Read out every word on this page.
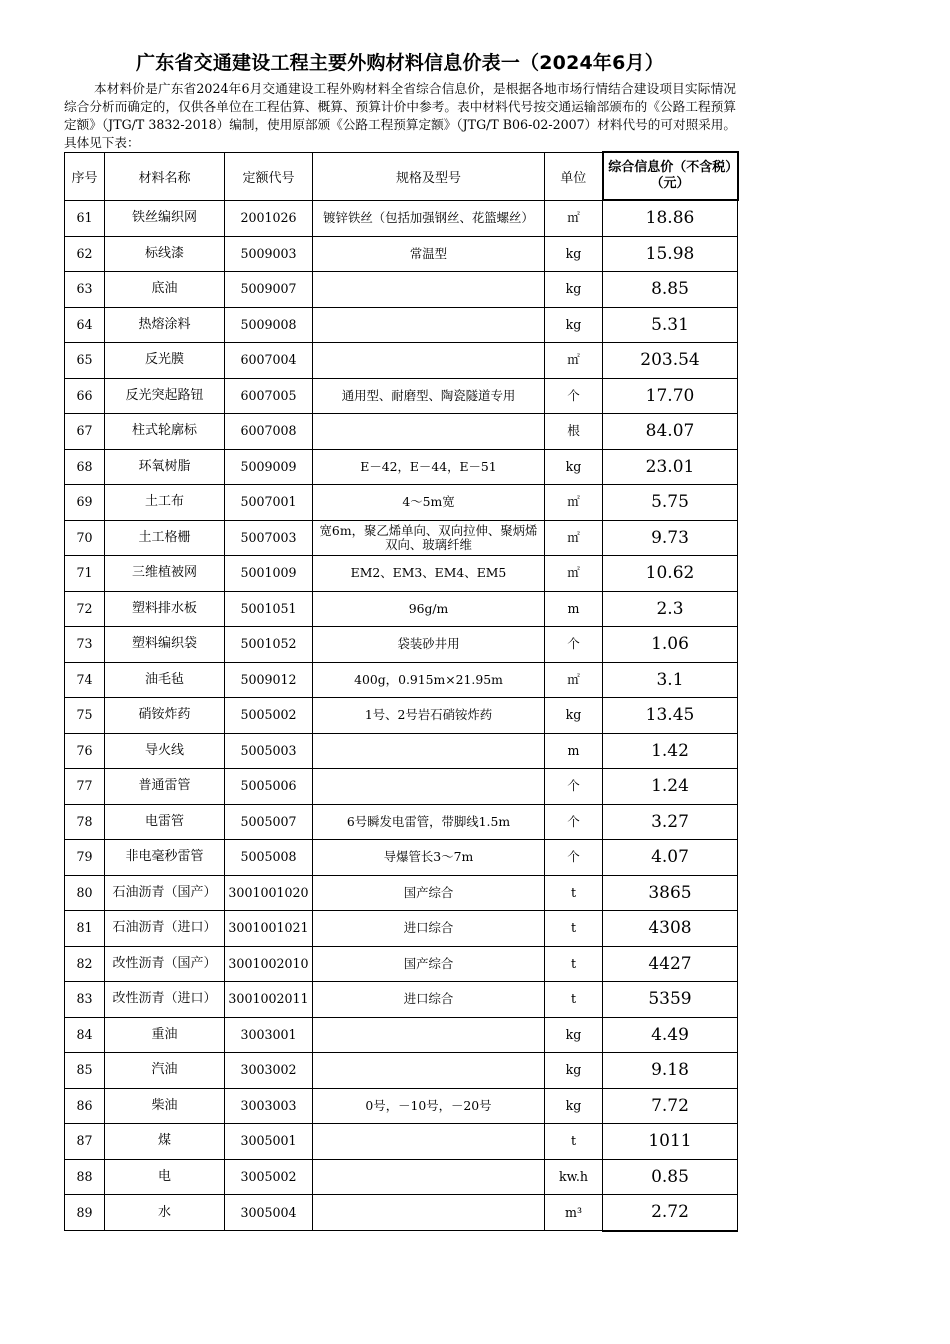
广东省交通建设工程主要外购材料信息价表一（2024年6月）
本材料价是广东省2024年6月交通建设工程外购材料全省综合信息价，是根据各地市场行情结合建设项目实际情况综合分析而确定的，仅供各单位在工程估算、概算、预算计价中参考。表中材料代号按交通运输部颁布的《公路工程预算定额》（JTG/T 3832-2018）编制，使用原部颁《公路工程预算定额》（JTG/T B06-02-2007）材料代号的可对照采用。具体见下表：
序号	材料名称	定额代号	规格及型号	单位	综合信息价（不含税）（元）
61	铁丝编织网	2001026	镀锌铁丝（包括加强钢丝、花篮螺丝）	㎡	18.86
62	标线漆	5009003	常温型	kg	15.98
63	底油	5009007		kg	8.85
64	热熔涂料	5009008		kg	5.31
65	反光膜	6007004		㎡	203.54
66	反光突起路钮	6007005	通用型、耐磨型、陶瓷隧道专用	个	17.70
67	柱式轮廓标	6007008		根	84.07
68	环氧树脂	5009009	E－42，E－44，E－51	kg	23.01
69	土工布	5007001	4～5m宽	㎡	5.75
70	土工格栅	5007003	宽6m，聚乙烯单向、双向拉伸、聚炳烯双向、玻璃纤维	㎡	9.73
71	三维植被网	5001009	EM2、EM3、EM4、EM5	㎡	10.62
72	塑料排水板	5001051	96g/m	m	2.3
73	塑料编织袋	5001052	袋装砂井用	个	1.06
74	油毛毡	5009012	400g，0.915m×21.95m	㎡	3.1
75	硝铵炸药	5005002	1号、2号岩石硝铵炸药	kg	13.45
76	导火线	5005003		m	1.42
77	普通雷管	5005006		个	1.24
78	电雷管	5005007	6号瞬发电雷管，带脚线1.5m	个	3.27
79	非电毫秒雷管	5005008	导爆管长3～7m	个	4.07
80	石油沥青（国产）	3001001020	国产综合	t	3865
81	石油沥青（进口）	3001001021	进口综合	t	4308
82	改性沥青（国产）	3001002010	国产综合	t	4427
83	改性沥青（进口）	3001002011	进口综合	t	5359
84	重油	3003001		kg	4.49
85	汽油	3003002		kg	9.18
86	柴油	3003003	0号，－10号，－20号	kg	7.72
87	煤	3005001		t	1011
88	电	3005002		kw.h	0.85
89	水	3005004		m³	2.72
